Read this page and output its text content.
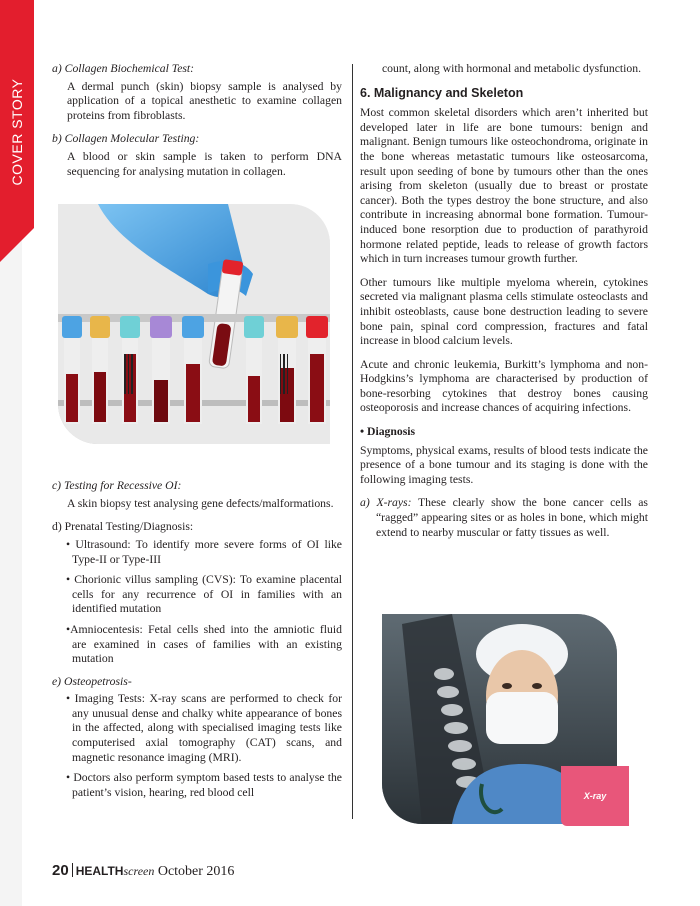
COVER STORY

a) Collagen Biochemical Test:

A dermal punch (skin) biopsy sample is analysed by application of a topical anesthetic to examine collagen proteins from fibroblasts.

b) Collagen Molecular Testing:

A blood or skin sample is taken to perform DNA sequencing for analysing mutation in collagen.

c) Testing for Recessive OI:

A skin biopsy test analysing gene defects/malformations.

d) Prenatal Testing/Diagnosis:

• Ultrasound: To identify more severe forms of OI like Type-II or Type-III

• Chorionic villus sampling (CVS): To examine placental cells for any recurrence of OI in families with an identified mutation

•Amniocentesis: Fetal cells shed into the amniotic fluid are examined in cases of families with an existing mutation

e) Osteopetrosis-

• Imaging Tests: X-ray scans are performed to check for any unusual dense and chalky white appearance of bones in the affected, along with specialised imaging tests like computerised axial tomography (CAT) scans, and magnetic resonance imaging (MRI).

• Doctors also perform symptom based tests to analyse the patient’s vision, hearing, red blood cell

count, along with hormonal and metabolic dysfunction.

6. Malignancy and Skeleton

Most common skeletal disorders which aren’t inherited but developed later in life are bone tumours: benign and malignant. Benign tumours like osteochondroma, originate in the bone whereas metastatic tumours like osteosarcoma, result upon seeding of bone by tumours other than the ones arising from skeleton (usually due to breast or prostate cancer). Both the types destroy the bone structure, and also contribute in increasing abnormal bone formation. Tumour-induced bone resorption due to production of parathyroid hormone related peptide, leads to release of growth factors which in turn increases tumour growth further.

Other tumours like multiple myeloma wherein, cytokines secreted via malignant plasma cells stimulate osteoclasts and inhibit osteoblasts, cause bone destruction leading to severe bone pain, spinal cord compression, fractures and fatal increase in blood calcium levels.

Acute and chronic leukemia, Burkitt’s lymphoma and non-Hodgkins’s lymphoma are characterised by production of bone-resorbing cytokines that destroy bones causing osteoporosis and increase chances of acquiring infections.

• Diagnosis

Symptoms, physical exams, results of blood tests indicate the presence of a bone tumour and its staging is done with the following imaging tests.

a) X-rays: These clearly show the bone cancer cells as “ragged” appearing sites or as holes in bone, which might extend to nearby muscular or fatty tissues as well.

X-ray
20 HEALTHscreen October 2016
